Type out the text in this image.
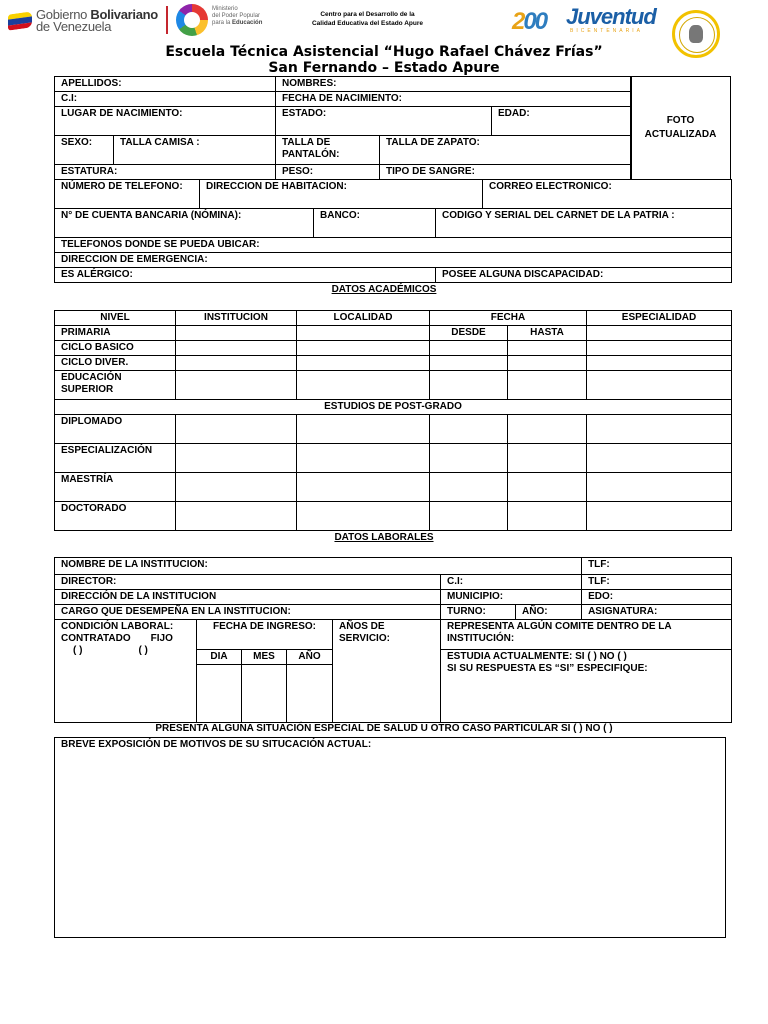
Gobierno Bolivariano
de Venezuela
Ministerio
del Poder Popular
para la Educación
Centro para el Desarrollo de la
Calidad Educativa del Estado Apure	200 Juventud
BICENTENARIA
Escuela Técnica Asistencial “Hugo Rafael Chávez Frías”
San Fernando – Estado Apure
APELLIDOS:		NOMBRES:		
C.I:		FECHA DE NACIMIENTO:		
LUGAR DE NACIMIENTO:		ESTADO:		EDAD:
SEXO:	TALLA CAMISA :	TALLA DE PANTALÓN:	TALLA DE ZAPATO:	
ESTATURA:		PESO:	TIPO DE SANGRE:	
FOTO ACTUALIZADA
NÚMERO DE TELEFONO:	DIRECCION DE HABITACION:			CORREO ELECTRONICO:
N° DE CUENTA BANCARIA (NÓMINA):		BANCO:	CODIGO Y SERIAL DEL CARNET DE LA PATRIA :	
TELEFONOS DONDE SE PUEDA UBICAR:				
DIRECCION DE EMERGENCIA:				
ES ALÉRGICO:			POSEE ALGUNA DISCAPACIDAD:	
DATOS ACADÉMICOS
NIVEL	INSTITUCION	LOCALIDAD	FECHA		ESPECIALIDAD
PRIMARIA			DESDE	HASTA	
CICLO BASICO					
CICLO DIVER.					
EDUCACIÓN SUPERIOR					
ESTUDIOS DE POST-GRADO					
DIPLOMADO					
ESPECIALIZACIÓN					
MAESTRÍA					
DOCTORADO					
DATOS LABORALES
NOMBRE DE LA INSTITUCION:							TLF:
DIRECTOR:					C.I:		TLF:
DIRECCIÓN DE LA INSTITUCION					MUNICIPIO:		EDO:
CARGO QUE DESEMPEÑA EN LA INSTITUCION:					TURNO:	AÑO:	ASIGNATURA:

CONDICIÓN LABORAL:
CONTRATADO FIJO
( ) ( )	FECHA DE INGRESO:			AÑOS DE SERVICIO:	REPRESENTA ALGÚN COMITE DENTRO DE LA INSTITUCIÓN:		
	DIA	MES	AÑO		ESTUDIA ACTUALMENTE: SI ( ) NO ( )
SI SU RESPUESTA ES “SI” ESPECIFIQUE:		

PRESENTA ALGUNA SITUACIÓN ESPECIAL DE SALUD U OTRO CASO PARTICULAR SI ( ) NO ( )
BREVE EXPOSICIÓN DE MOTIVOS DE SU SITUCACIÓN ACTUAL:
